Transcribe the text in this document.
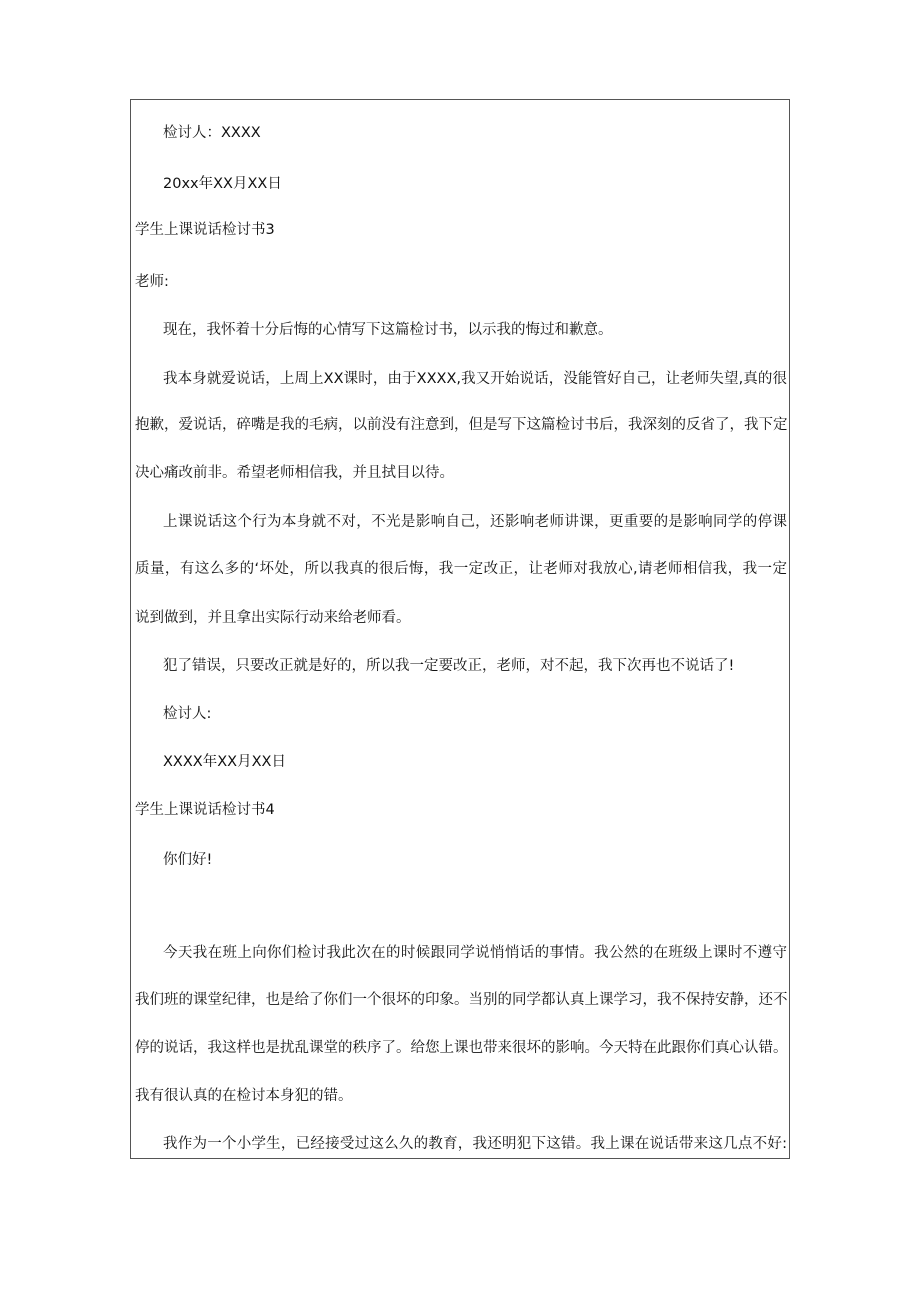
检讨人：XXXX
20xx年XX月XX日
学生上课说话检讨书3
老师:
现在，我怀着十分后悔的心情写下这篇检讨书，以示我的悔过和歉意。
我本身就爱说话，上周上XX课时，由于XXXX,我又开始说话，没能管好自己，让老师失望,真的很
抱歉，爱说话，碎嘴是我的毛病，以前没有注意到，但是写下这篇检讨书后，我深刻的反省了，我下定
决心痛改前非。希望老师相信我，并且拭目以待。
上课说话这个行为本身就不对，不光是影响自己，还影响老师讲课，更重要的是影响同学的停课
质量，有这么多的‘坏处，所以我真的很后悔，我一定改正，让老师对我放心,请老师相信我，我一定
说到做到，并且拿出实际行动来给老师看。
犯了错误，只要改正就是好的，所以我一定要改正，老师，对不起，我下次再也不说话了!
检讨人:
XXXX年XX月XX日
学生上课说话检讨书4
你们好!
今天我在班上向你们检讨我此次在的时候跟同学说悄悄话的事情。我公然的在班级上课时不遵守
我们班的课堂纪律，也是给了你们一个很坏的印象。当别的同学都认真上课学习，我不保持安静，还不
停的说话，我这样也是扰乱课堂的秩序了。给您上课也带来很坏的影响。今天特在此跟你们真心认错。
我有很认真的在检讨本身犯的错。
我作为一个小学生，已经接受过这么久的教育，我还明犯下这错。我上课在说话带来这几点不好:
